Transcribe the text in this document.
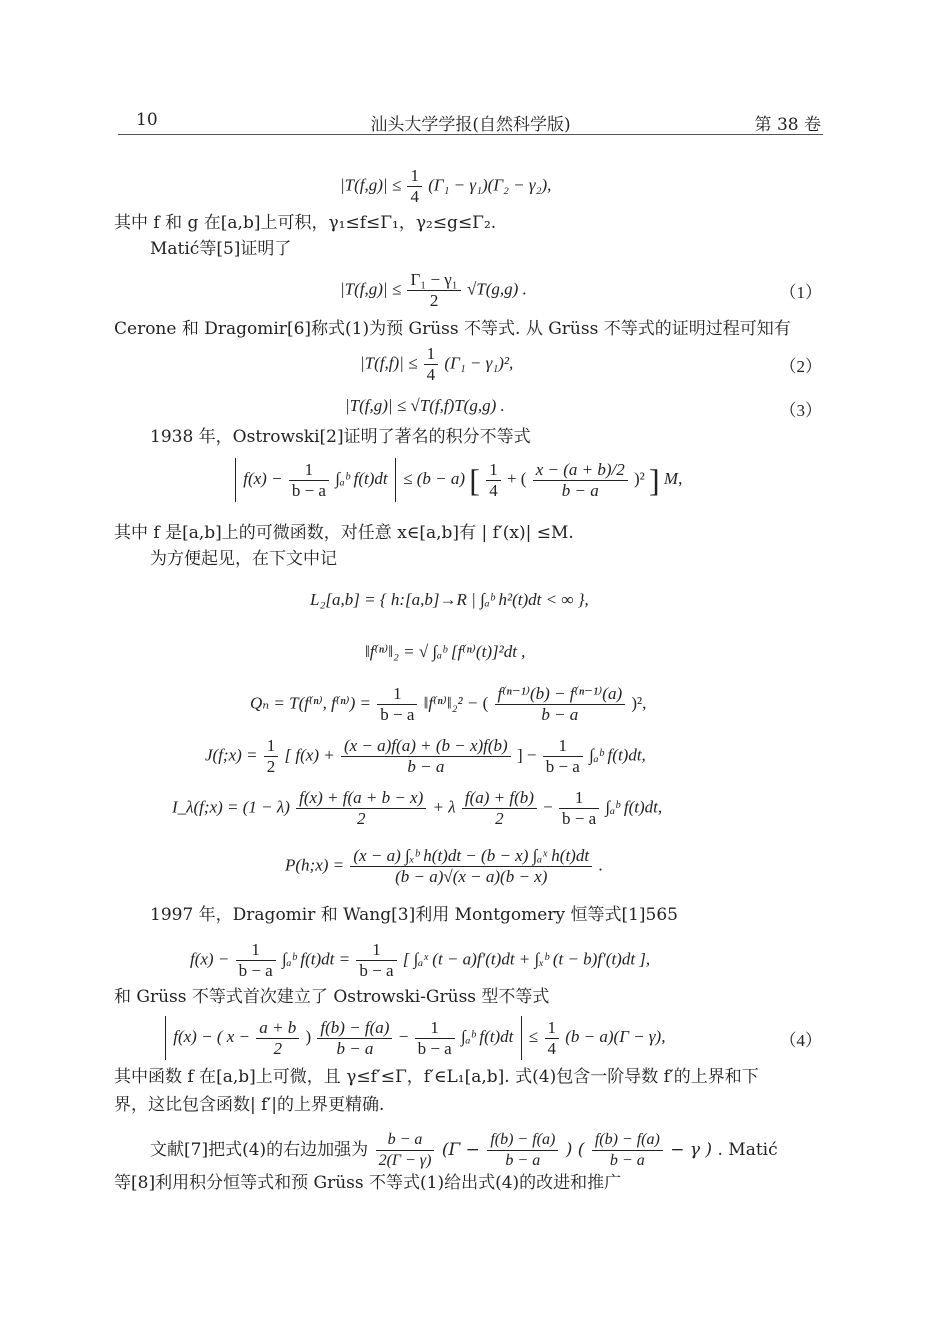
10	汕头大学学报(自然科学版)	第 38 卷
$|T(f,g)| \le \frac{1}{4} (\Gamma_1 - \gamma_1)(\Gamma_2 - \gamma_2)$,
其中 f 和 g 在[a,b]上可积，γ₁≤f≤Γ₁，γ₂≤g≤Γ₂.
Matić等[5]证明了
$|T(f,g)| \le \frac{\text{Γ₁ − γ₁}}{2} √T(g,g)$ .	（1）
Cerone 和 Dragomir[6]称式(1)为预 Grüss 不等式. 从 Grüss 不等式的证明过程可知有
$|T(f,f)| \le \frac{1}{4} (\Gamma_1 - \gamma_1)^2$,	（2）
|T(f,g)| ≤ √T(f,f)T(g,g) .	（3）
1938 年，Ostrowski[2]证明了著名的积分不等式
$f(x) - \frac{1}{b - a}$ ∫ₐᵇ f(t)dt ≤ (b − a) [ $\frac{1}{4}$ + ( $\frac{x - (a + b)/2}{b - a} )^2$ ] M,
其中 f 是[a,b]上的可微函数，对任意 x∈[a,b]有 | f′(x)| ≤M.
为方便起见，在下文中记
L₂[a,b] = { h:[a,b]→R | ∫ₐᵇ h²(t)dt < ∞ },
‖f⁽ⁿ⁾‖₂ = √ ∫ₐᵇ [f⁽ⁿ⁾(t)]²dt ,
Qₙ = T(f⁽ⁿ⁾, $f^{(n)}) = \frac{1}{b - a}$ ‖f⁽ⁿ⁾‖₂² − ( $\frac{\text{f⁽ⁿ⁻¹⁾(b) − f⁽ⁿ⁻¹⁾(a)}}{b - a} )^2$,
J(f;x) = $\frac{1}{2}$ [ $f(x) + \frac{(x - a)f(a) + (b - x)f(b)}{b - a}$ ] − $\frac{1}{b - a}$ ∫ₐᵇ f(t)dt,
I_λ(f;x) = $(1 - \lambda) \frac{f(x) + f(a + b - x)}{2} + \lambda \frac{f(a) + f(b)}{2} - \frac{1}{b - a}$ ∫ₐᵇ f(t)dt,
P(h;x) = $\frac{\text{(x − a) ∫ₓᵇ h(t)dt − (b − x) ∫ₐˣ h(t)dt}}{(b - a)√(x - a)(b - x)}$ .
1997 年，Dragomir 和 Wang[3]利用 Montgomery 恒等式[1]565
$f(x) - \frac{1}{b - a}$ ∫ₐᵇ $f(t)dt = \frac{1}{b - a}$ [ ∫ₐˣ (t − a)f′(t)dt + ∫ₓᵇ (t − b)f′(t)dt ],
和 Grüss 不等式首次建立了 Ostrowski-Grüss 型不等式
f(x) − ( $x - \frac{a + b}{2}$ ) $\frac{f(b) - f(a)}{b - a} - \frac{1}{b - a}$ ∫ₐᵇ $f(t)dt \le \frac{1}{4} (b - a)(\Gamma - \gamma)$,	（4）
其中函数 f 在[a,b]上可微，且 γ≤f′≤Γ，f′∈L₁[a,b]. 式(4)包含一阶导数 f′的上界和下
界，这比包含函数| f′|的上界更精确.
文献[7]把式(4)的右边加强为 $\frac{b - a}{2(\Gamma - \gamma)} (\Gamma - \frac{f(b) - f(a)}{b - a}$ ) ( $\frac{f(b) - f(a)}{b - a} - \gamma$ ) . Matić
等[8]利用积分恒等式和预 Grüss 不等式(1)给出式(4)的改进和推广
